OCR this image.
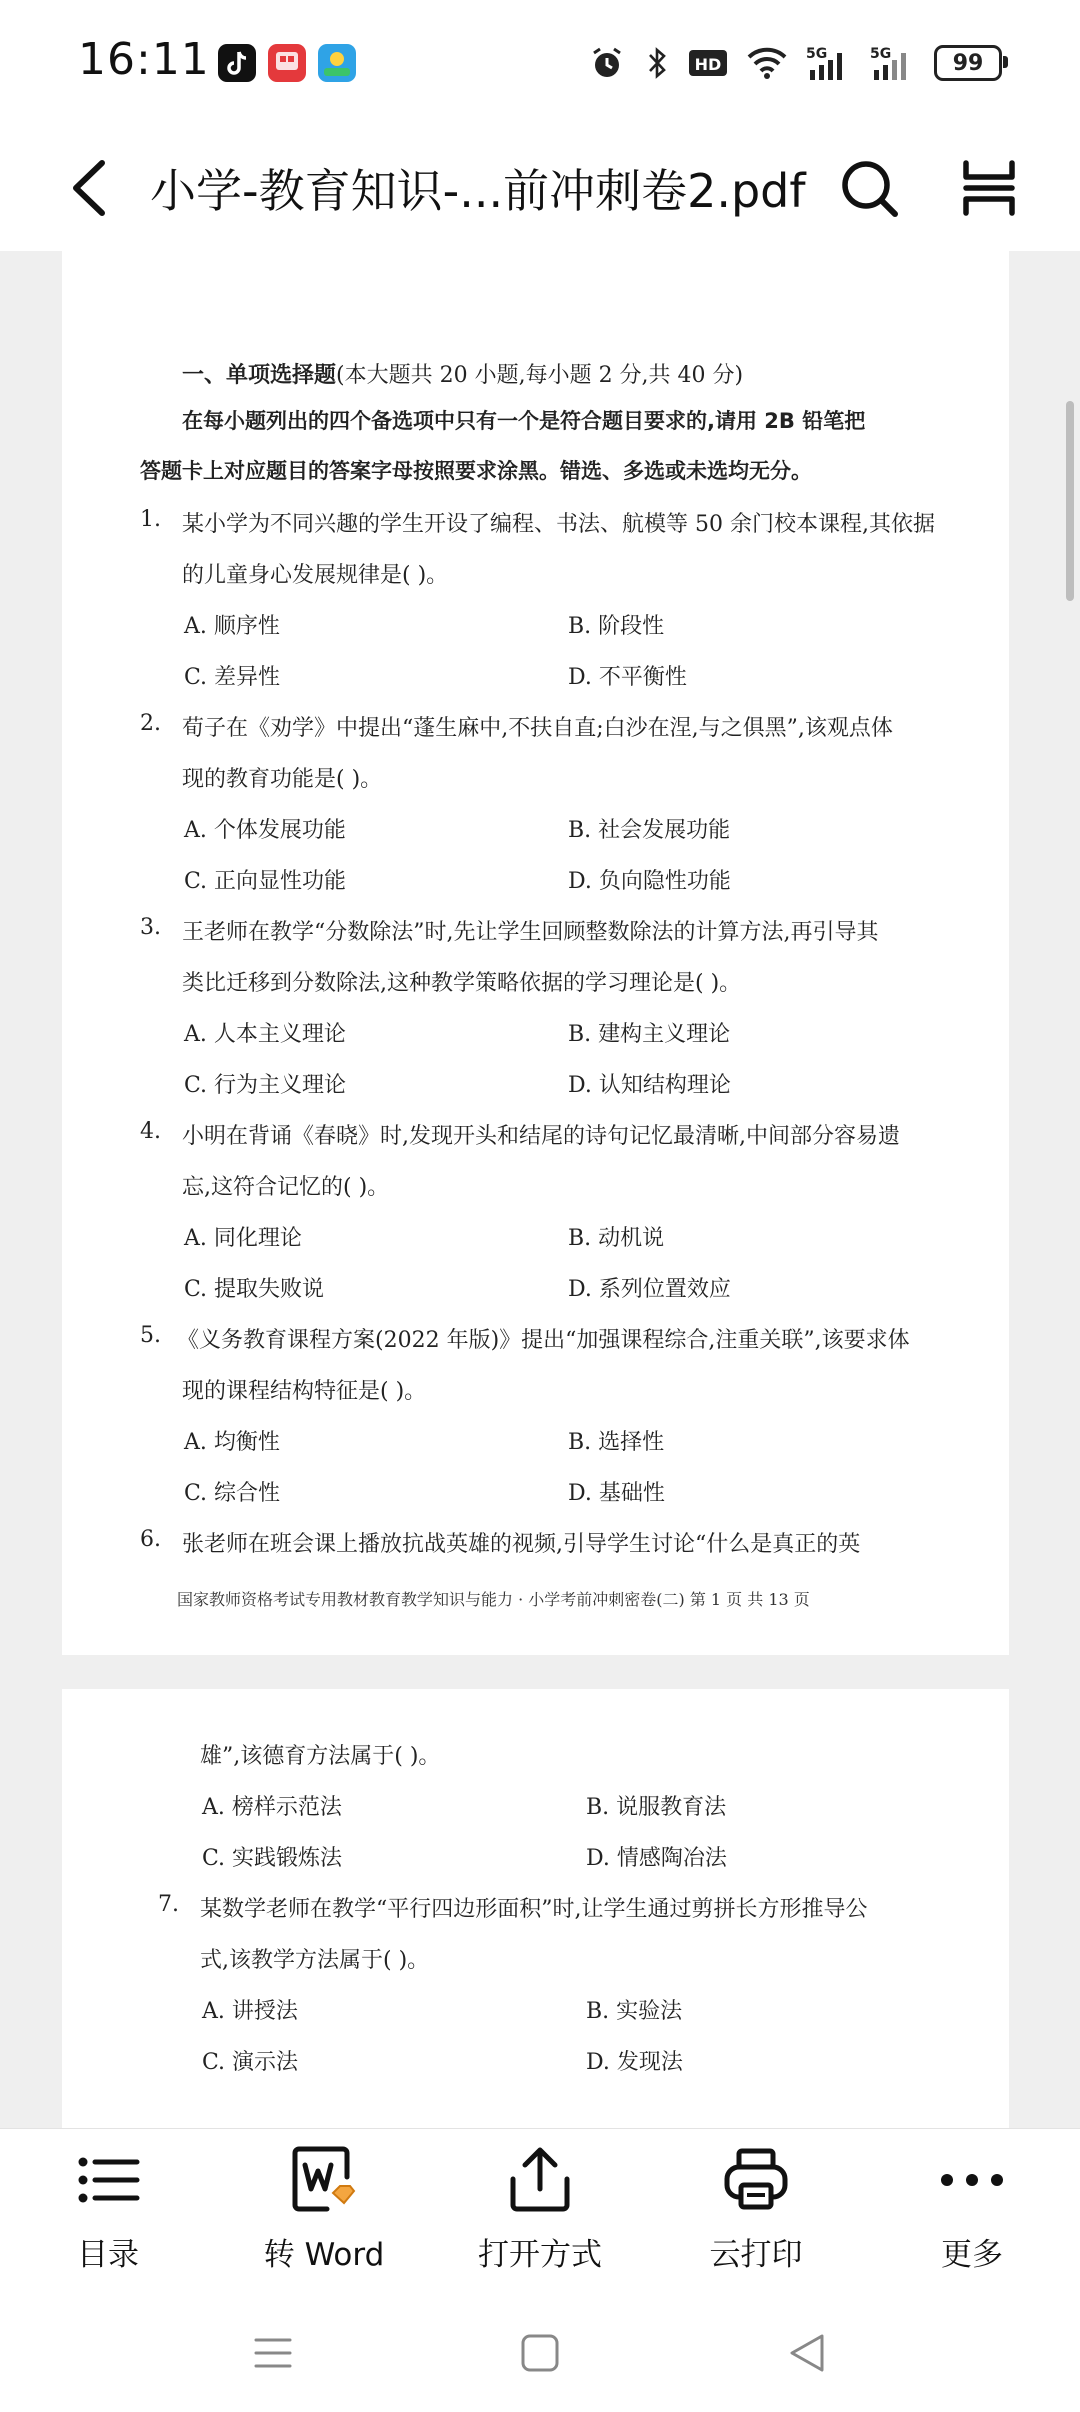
16:11	HD
5G	5G	99
小学-教育知识-...前冲刺卷2.pdf
一、单项选择题(本大题共 20 小题,每小题 2 分,共 40 分)
在每小题列出的四个备选项中只有一个是符合题目要求的,请用 2B 铅笔把
答题卡上对应题目的答案字母按照要求涂黑。错选、多选或未选均无分。
1. 某小学为不同兴趣的学生开设了编程、书法、航模等 50 余门校本课程,其依据
的儿童身心发展规律是( )。
A. 顺序性	B. 阶段性
C. 差异性	D. 不平衡性
2. 荀子在《劝学》中提出“蓬生麻中,不扶自直;白沙在涅,与之俱黑”,该观点体
现的教育功能是( )。
A. 个体发展功能	B. 社会发展功能
C. 正向显性功能	D. 负向隐性功能
3. 王老师在教学“分数除法”时,先让学生回顾整数除法的计算方法,再引导其
类比迁移到分数除法,这种教学策略依据的学习理论是( )。
A. 人本主义理论	B. 建构主义理论
C. 行为主义理论	D. 认知结构理论
4. 小明在背诵《春晓》时,发现开头和结尾的诗句记忆最清晰,中间部分容易遗
忘,这符合记忆的( )。
A. 同化理论	B. 动机说
C. 提取失败说	D. 系列位置效应
5. 《义务教育课程方案(2022 年版)》提出“加强课程综合,注重关联”,该要求体
现的课程结构特征是( )。
A. 均衡性	B. 选择性
C. 综合性	D. 基础性
6. 张老师在班会课上播放抗战英雄的视频,引导学生讨论“什么是真正的英
国家教师资格考试专用教材教育教学知识与能力 · 小学考前冲刺密卷(二) 第 1 页 共 13 页
雄”,该德育方法属于( )。
A. 榜样示范法	B. 说服教育法
C. 实践锻炼法	D. 情感陶冶法
7. 某数学老师在教学“平行四边形面积”时,让学生通过剪拼长方形推导公
式,该教学方法属于( )。
A. 讲授法	B. 实验法
C. 演示法	D. 发现法
目录	转 Word	打开方式	云打印	更多
